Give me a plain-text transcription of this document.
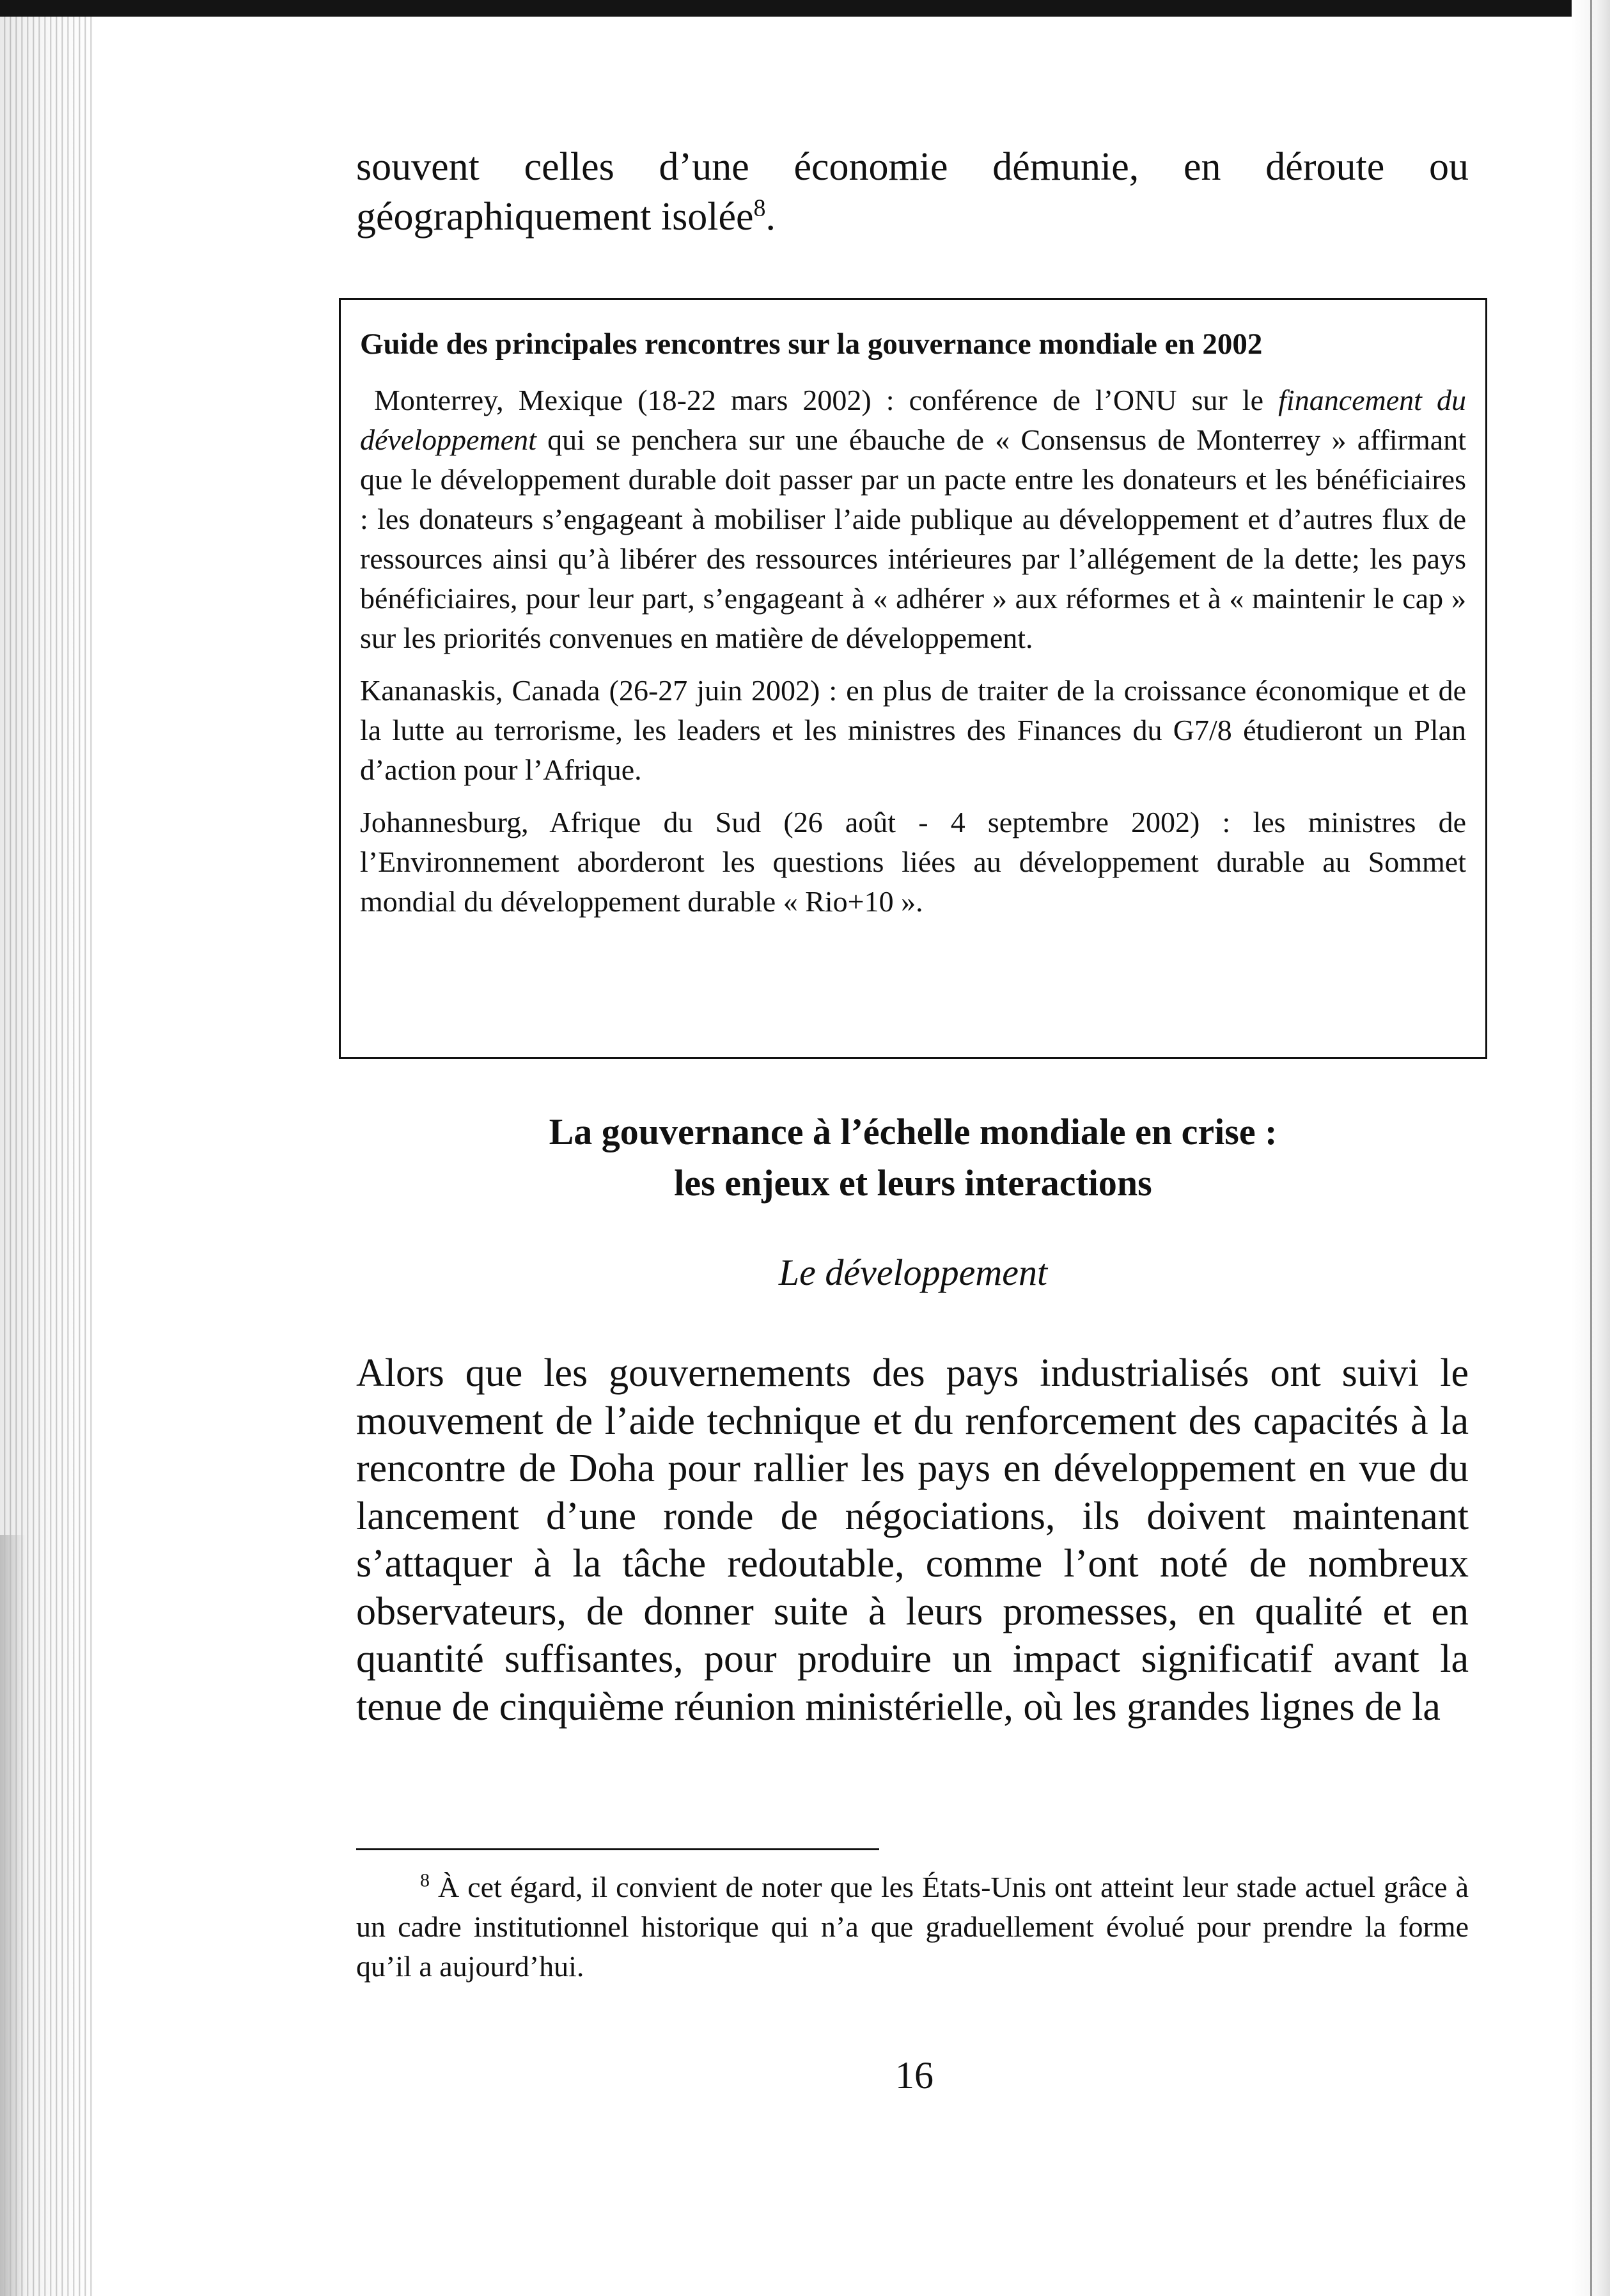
souvent celles d’une économie démunie, en déroute ou géographiquement isolée$^8$.

Guide des principales rencontres sur la gouvernance mondiale en 2002

Monterrey, Mexique (18-22 mars 2002) : conférence de l’ONU sur le financement du développement qui se penchera sur une ébauche de « Consensus de Monterrey » affirmant que le développement durable doit passer par un pacte entre les donateurs et les bénéficiaires : les donateurs s’engageant à mobiliser l’aide publique au développement et d’autres flux de ressources ainsi qu’à libérer des ressources intérieures par l’allégement de la dette; les pays bénéficiaires, pour leur part, s’engageant à « adhérer » aux réformes et à « maintenir le cap » sur les priorités convenues en matière de développement.

Kananaskis, Canada (26-27 juin 2002) : en plus de traiter de la croissance économique et de la lutte au terrorisme, les leaders et les ministres des Finances du G7/8 étudieront un Plan d’action pour l’Afrique.

Johannesburg, Afrique du Sud (26 août - 4 septembre 2002) : les ministres de l’Environnement aborderont les questions liées au développement durable au Sommet mondial du développement durable « Rio+10 ».

La gouvernance à l’échelle mondiale en crise :
les enjeux et leurs interactions
Le développement

Alors que les gouvernements des pays industrialisés ont suivi le mouvement de l’aide technique et du renforcement des capacités à la rencontre de Doha pour rallier les pays en développement en vue du lancement d’une ronde de négociations, ils doivent maintenant s’attaquer à la tâche redoutable, comme l’ont noté de nombreux observateurs, de donner suite à leurs promesses, en qualité et en quantité suffisantes, pour produire un impact significatif avant la tenue de cinquième réunion ministérielle, où les grandes lignes de la

$^8$ À cet égard, il convient de noter que les États-Unis ont atteint leur stade actuel grâce à un cadre institutionnel historique qui n’a que graduellement évolué pour prendre la forme qu’il a aujourd’hui.

16
